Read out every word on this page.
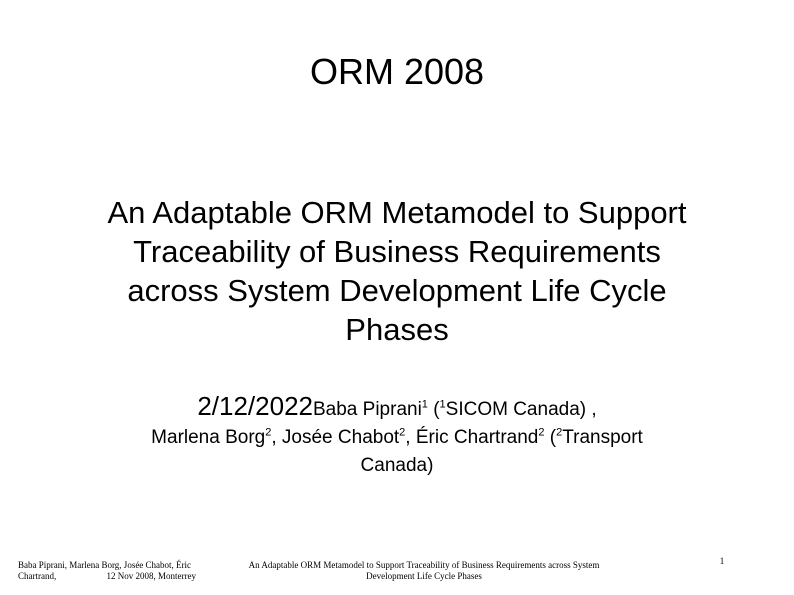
ORM 2008
An Adaptable ORM Metamodel to Support
Traceability of Business Requirements
across System Development Life Cycle
Phases
2/12/2022Baba Piprani$^1$ ($^1$SICOM Canada) ,
Marlena Borg$^2$, Josée Chabot$^2$, Éric Chartrand$^2$ ($^2$Transport
Canada)
Baba Piprani, Marlena Borg, Josée Chabot, Éric
Chartrand,	12 Nov 2008, Monterrey
An Adaptable ORM Metamodel to Support Traceability of Business Requirements across System
Development Life Cycle Phases
1
